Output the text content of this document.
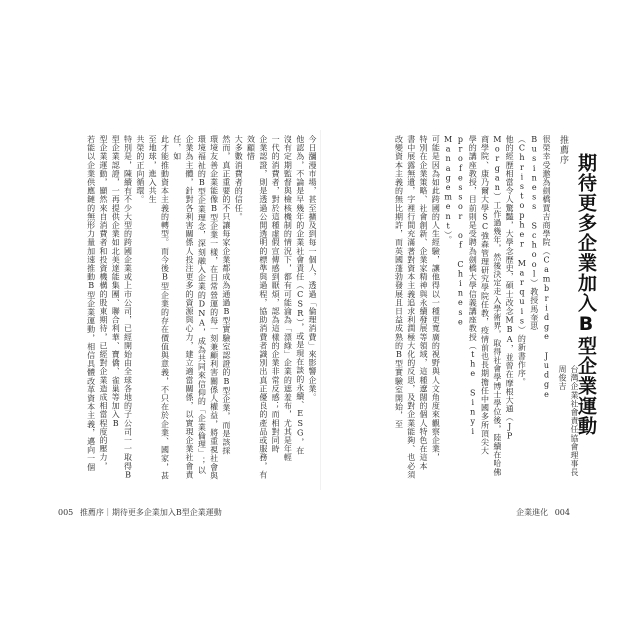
今日瀰漫市場，甚至擴及到每一個人，透過「倫理消費」來影響企業。
他認為，不論是早幾年的企業社會責任（CSR），或是現在談的永續、ESG，在
沒有定期監督與檢核機制的情況下，都有可能淪為「漂綠」企業的遮羞布，尤其是年輕
一代的消費者，對於這種虛假宣傳感到厭煩，認為這樣的企業非常反感；而相對同時
企業認證，則是透過公開透明的標準與過程，協助消費者識別出真正優良的產品或服務，有效顧惜
大多數消費者的信任。
然而，真正重要的不只讓每家企業都成為通過B型實驗室認證的B型企業，而是該採
環境友善企業能像B型企業一樣，在日常營運的每一刻兼顧利害關係人權益，將重視社會與
環境福祉的B型企業理念，深刻融入企業的DNA，成為共同來信仰的「企業倫理」；以
企業為主體，針對各利害關係人投注更多的資源與心力，建立適當關係，以實現企業社會責任，如
此才能推動資本主義的轉型。而今後B型企業的存在價值與意義，不只在於企業、國家，甚至地球，進入共生
共榮的正向循環。
特別是，陳續有不少大型的跨國企業或上市公司，已經開始由全球各地的子公司一一取得B型企業認證，一再提供企業如北美達能集團、聯合利華、寶僑、雀巢等加入B
型企業運動，顯然來自消費者和投資機構的股東期待，已經對企業造成相當程度的壓力，
若能以企業供應鏈的無形力量加速推動B型企業運動，相信具體改革資本主義，邁向一個	推薦序
期待更多企業加入B型企業運動
台灣企業社會責任協會理事長　周俊吉
很榮幸受邀為劍橋賈吉商學院（Cambridge Judge Business School）教授馬奎思
（Christopher Marquis）的新書作序。
他的經歷相當令人驚豔，大學念歷史，碩士改念MBA，並曾在摩根大通（JP
Morgan）工作過幾年，然後決定走入學術界，取得社會學博士學位後，陸續在哈佛
商學院、康乃爾大學SC強森管理研究學院任教，疫情前也長期擔任中國多所頂尖大
學的講座教授，目前則是受聘為劍橋大學信義講座教授（the Sinyi professor of Chinese
Management）。
可能是因為如此跨國的人生經驗，讓他得以一種更寬廣的視野與人文角度來觀察企業，
特別在企業策略、社會創新、企業家精神與永續發展等領域，這種遼闊的個人特色在這本
書中展露無遺，字裡行間充滿著對資本主義追求利潤極大化的反思，及對企業能夠、也必須
改變資本主義的無比期許，而英國蓬勃發展且日益成熟的B型實驗室開始，至
005 推薦序｜期待更多企業加入B型企業運動	企業進化 004
